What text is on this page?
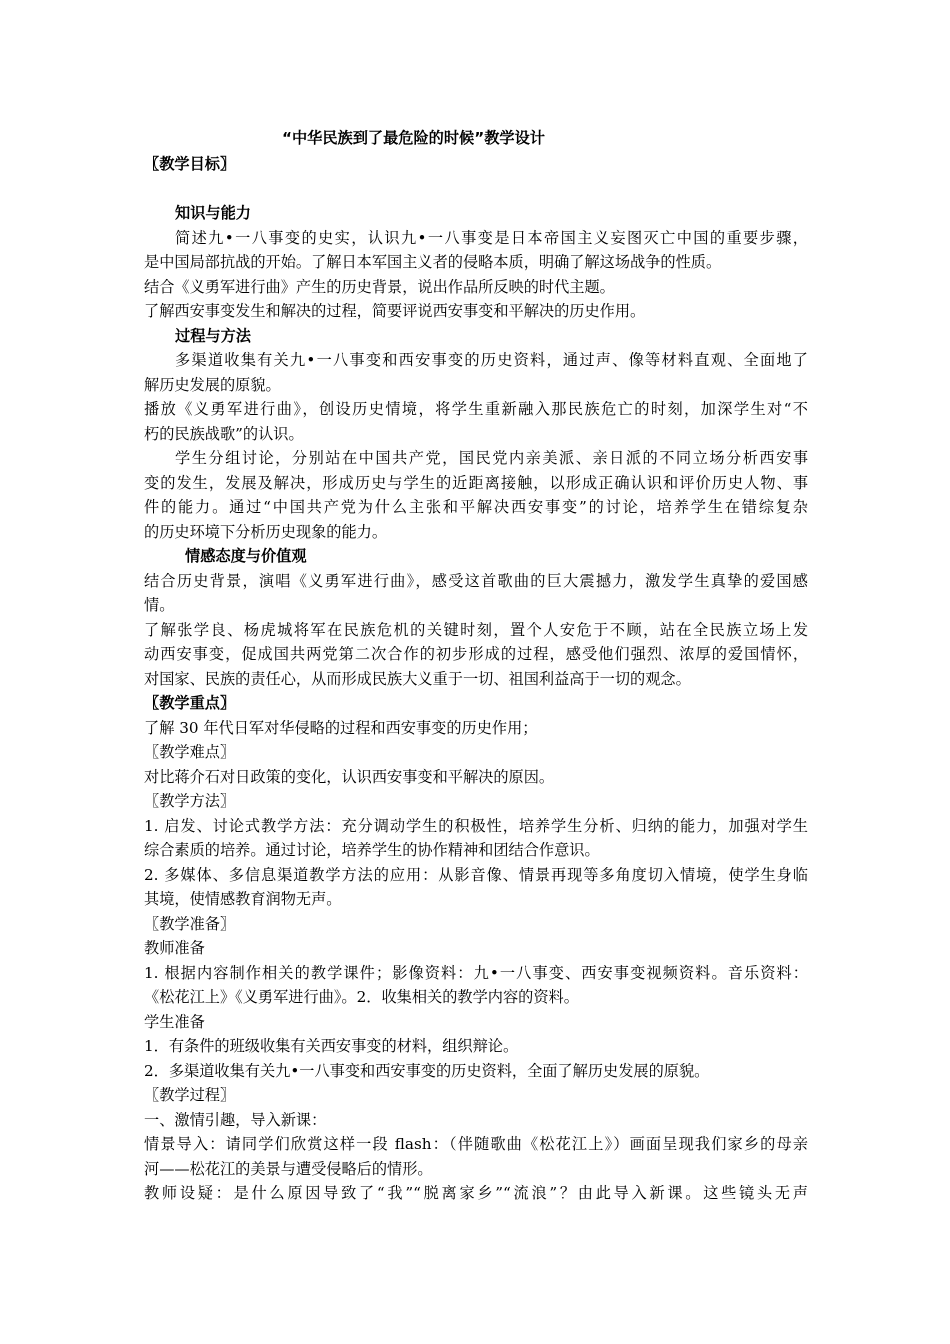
“中华民族到了最危险的时候”教学设计
〖教学目标〗
知识与能力
简述九•一八事变的史实，认识九•一八事变是日本帝国主义妄图灭亡中国的重要步骤，
是中国局部抗战的开始。了解日本军国主义者的侵略本质，明确了解这场战争的性质。
结合《义勇军进行曲》产生的历史背景，说出作品所反映的时代主题。
了解西安事变发生和解决的过程，简要评说西安事变和平解决的历史作用。
过程与方法
多渠道收集有关九•一八事变和西安事变的历史资料，通过声、像等材料直观、全面地了
解历史发展的原貌。
播放《义勇军进行曲》，创设历史情境，将学生重新融入那民族危亡的时刻，加深学生对“不
朽的民族战歌”的认识。
学生分组讨论，分别站在中国共产党，国民党内亲美派、亲日派的不同立场分析西安事
变的发生，发展及解决，形成历史与学生的近距离接触，以形成正确认识和评价历史人物、事
件的能力。通过“中国共产党为什么主张和平解决西安事变”的讨论，培养学生在错综复杂
的历史环境下分析历史现象的能力。
情感态度与价值观
结合历史背景，演唱《义勇军进行曲》，感受这首歌曲的巨大震撼力，激发学生真挚的爱国感
情。
了解张学良、杨虎城将军在民族危机的关键时刻，置个人安危于不顾，站在全民族立场上发
动西安事变，促成国共两党第二次合作的初步形成的过程，感受他们强烈、浓厚的爱国情怀，
对国家、民族的责任心，从而形成民族大义重于一切、祖国利益高于一切的观念。
〖教学重点〗
了解 30 年代日军对华侵略的过程和西安事变的历史作用；
〖教学难点〗
对比蒋介石对日政策的变化，认识西安事变和平解决的原因。
〖教学方法〗
1. 启发、讨论式教学方法：充分调动学生的积极性，培养学生分析、归纳的能力，加强对学生
综合素质的培养。通过讨论，培养学生的协作精神和团结合作意识。
2. 多媒体、多信息渠道教学方法的应用：从影音像、情景再现等多角度切入情境，使学生身临
其境，使情感教育润物无声。
〖教学准备〗
教师准备
1. 根据内容制作相关的教学课件；影像资料：九•一八事变、西安事变视频资料。音乐资料：
《松花江上》《义勇军进行曲》。2．收集相关的教学内容的资料。
学生准备
1．有条件的班级收集有关西安事变的材料，组织辩论。
2．多渠道收集有关九•一八事变和西安事变的历史资料，全面了解历史发展的原貌。
〖教学过程〗
一、激情引趣，导入新课：
情景导入：请同学们欣赏这样一段 flash：（伴随歌曲《松花江上》）画面呈现我们家乡的母亲
河——松花江的美景与遭受侵略后的情形。
教师设疑：是什么原因导致了“我”“脱离家乡”“流浪”？由此导入新课。这些镜头无声
